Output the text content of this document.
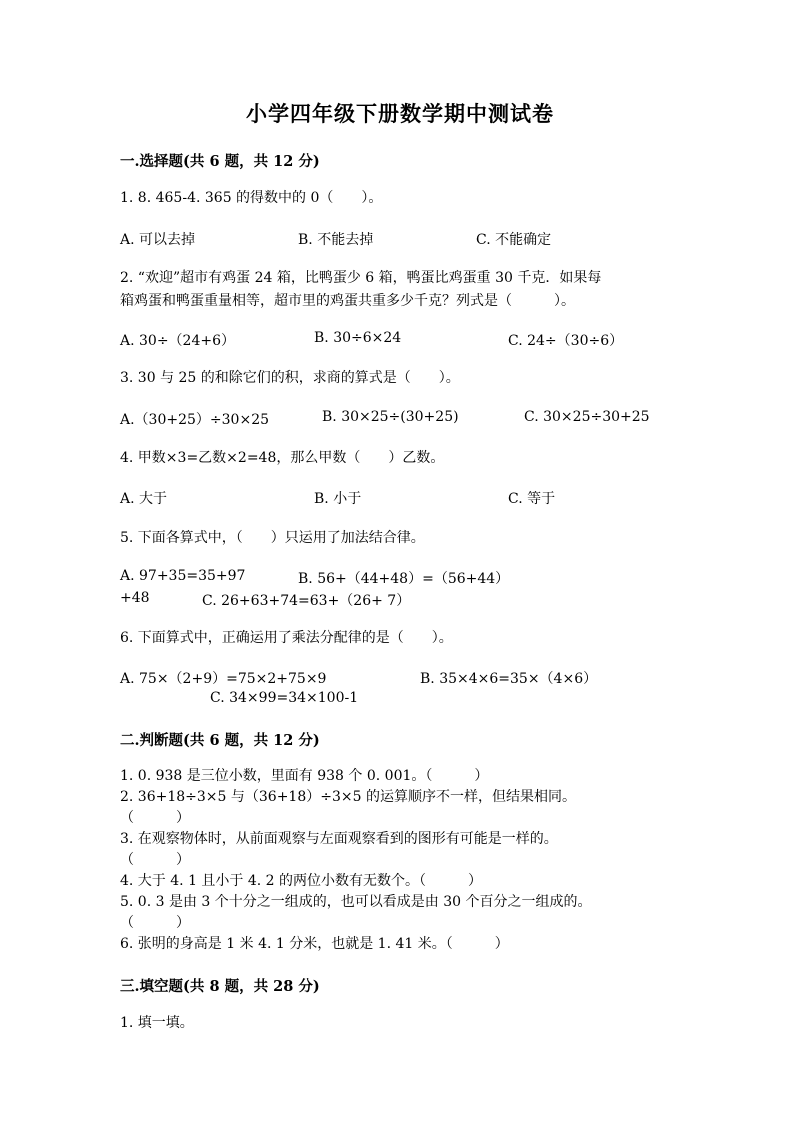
小学四年级下册数学期中测试卷
一.选择题(共 6 题，共 12 分)
1. 8. 465-4. 365 的得数中的 0（　　）。
A. 可以去掉	B. 不能去掉	C. 不能确定
2. “欢迎”超市有鸡蛋 24 箱，比鸭蛋少 6 箱，鸭蛋比鸡蛋重 30 千克．如果每
箱鸡蛋和鸭蛋重量相等，超市里的鸡蛋共重多少千克？列式是（　　　）。
A. 30÷（24+6）	B. 30÷6×24	C. 24÷（30÷6）
3. 30 与 25 的和除它们的积，求商的算式是（　　）。
A.（30+25）÷30×25	B. 30×25÷(30+25)	C. 30×25÷30+25
4. 甲数×3=乙数×2=48，那么甲数（　　）乙数。
A. 大于	B. 小于	C. 等于
5. 下面各算式中，（　　）只运用了加法结合律。
A. 97+35=35+97	B. 56+（44+48）=（56+44）
+48	C. 26+63+74=63+（26+ 7）
6. 下面算式中，正确运用了乘法分配律的是（　　）。
A. 75×（2+9）=75×2+75×9	B. 35×4×6=35×（4×6）
C. 34×99=34×100-1
二.判断题(共 6 题，共 12 分)
1. 0. 938 是三位小数，里面有 938 个 0. 001。（　　　）
2. 36+18÷3×5 与（36+18）÷3×5 的运算顺序不一样，但结果相同。
（　　　）
3. 在观察物体时，从前面观察与左面观察看到的图形有可能是一样的。
（　　　）
4. 大于 4. 1 且小于 4. 2 的两位小数有无数个。（　　　）
5. 0. 3 是由 3 个十分之一组成的，也可以看成是由 30 个百分之一组成的。
（　　　）
6. 张明的身高是 1 米 4. 1 分米，也就是 1. 41 米。（　　　）
三.填空题(共 8 题，共 28 分)
1. 填一填。
